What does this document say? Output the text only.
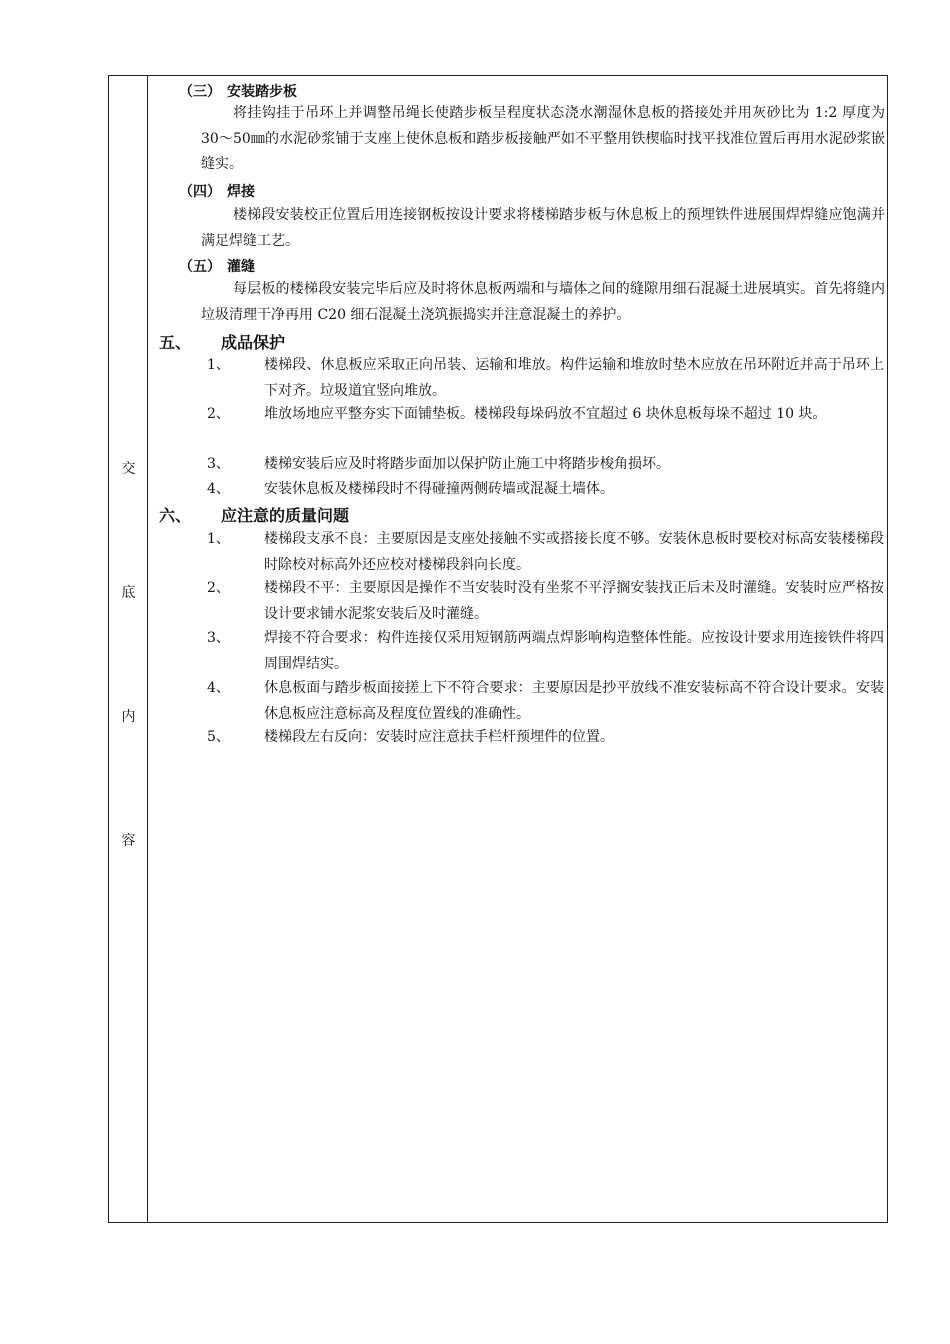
交
底
内
容
（三） 安装踏步板
将挂钩挂于吊环上并调整吊绳长使踏步板呈程度状态浇水潮湿休息板的搭接处并用灰砂比为 1:2 厚度为 30～50㎜的水泥砂浆铺于支座上使休息板和踏步板接触严如不平整用铁楔临时找平找准位置后再用水泥砂浆嵌缝实。
（四） 焊接
楼梯段安装校正位置后用连接钢板按设计要求将楼梯踏步板与休息板上的预埋铁件进展围焊焊缝应饱满并满足焊缝工艺。
（五） 灌缝
每层板的楼梯段安装完毕后应及时将休息板两端和与墙体之间的缝隙用细石混凝土进展填实。首先将缝内垃圾清理干净再用 C20 细石混凝土浇筑振捣实并注意混凝土的养护。
五、 成品保护
1、 楼梯段、休息板应采取正向吊装、运输和堆放。构件运输和堆放时垫木应放在吊环附近并高于吊环上下对齐。垃圾道宜竖向堆放。
2、 堆放场地应平整夯实下面铺垫板。楼梯段每垛码放不宜超过 6 块休息板每垛不超过 10 块。
3、 楼梯安装后应及时将踏步面加以保护防止施工中将踏步梭角损坏。
4、 安装休息板及楼梯段时不得碰撞两侧砖墙或混凝土墙体。
六、 应注意的质量问题
1、 楼梯段支承不良：主要原因是支座处接触不实或搭接长度不够。安装休息板时要校对标高安装楼梯段时除校对标高外还应校对楼梯段斜向长度。
2、 楼梯段不平：主要原因是操作不当安装时没有坐浆不平浮搁安装找正后未及时灌缝。安装时应严格按设计要求铺水泥浆安装后及时灌缝。
3、 焊接不符合要求：构件连接仅采用短钢筋两端点焊影响构造整体性能。应按设计要求用连接铁件将四周围焊结实。
4、 休息板面与踏步板面接搓上下不符合要求：主要原因是抄平放线不准安装标高不符合设计要求。安装休息板应注意标高及程度位置线的准确性。
5、 楼梯段左右反向：安装时应注意扶手栏杆预埋件的位置。
